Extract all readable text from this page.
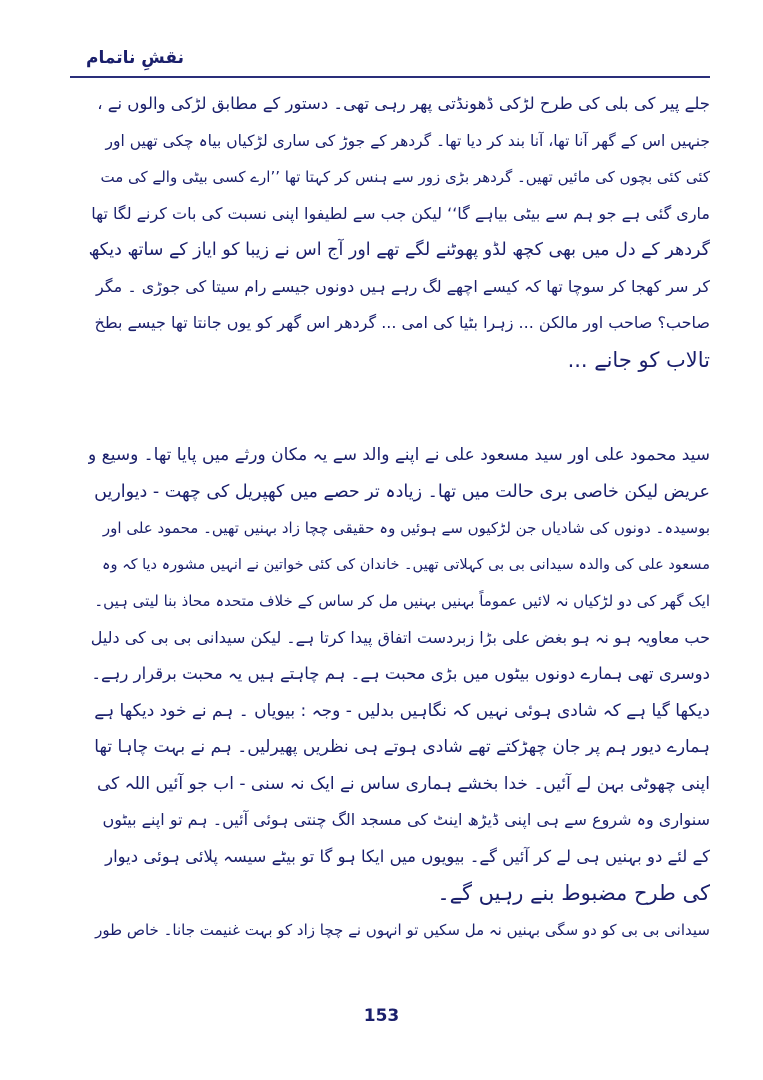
نقشِ ناتمام
جلے پیر کی بلی کی طرح لڑکی ڈھونڈتی پھر رہی تھی۔ دستور کے مطابق لڑکی والوں نے ،
جنہیں اس کے گھر آنا تھا، آنا بند کر دیا تھا۔ گردھر کے جوڑ کی ساری لڑکیاں بیاہ چکی تھیں اور
کئی کئی بچوں کی مائیں تھیں۔ گردھر بڑی زور سے ہنس کر کہتا تھا ’’ارے کسی بیٹی والے کی مت
ماری گئی ہے جو ہم سے بیٹی بیاہے گا‘‘ لیکن جب سے لطیفوا اپنی نسبت کی بات کرنے لگا تھا
گردھر کے دل میں بھی کچھ لڈو پھوٹنے لگے تھے اور آج اس نے زیبا کو ایاز کے ساتھ دیکھ
کر سر کھجا کر سوچا تھا کہ کیسے اچھے لگ رہے ہیں دونوں جیسے رام سیتا کی جوڑی ۔ مگر
صاحب؟ صاحب اور مالکن ... زہرا بٹیا کی امی ... گردھر اس گھر کو یوں جانتا تھا جیسے بطخ
تالاب کو جانے ...
سید محمود علی اور سید مسعود علی نے اپنے والد سے یہ مکان ورثے میں پایا تھا۔ وسیع و
عریض لیکن خاصی بری حالت میں تھا۔ زیادہ تر حصے میں کھپریل کی چھت - دیواریں
بوسیدہ۔ دونوں کی شادیاں جن لڑکیوں سے ہوئیں وہ حقیقی چچا زاد بہنیں تھیں۔ محمود علی اور
مسعود علی کی والدہ سیدانی بی بی کہلاتی تھیں۔ خاندان کی کئی خواتین نے انہیں مشورہ دیا کہ وہ
ایک گھر کی دو لڑکیاں نہ لائیں عموماً بہنیں بہنیں مل کر ساس کے خلاف متحدہ محاذ بنا لیتی ہیں۔
حب معاویہ ہو نہ ہو بغض علی بڑا زبردست اتفاق پیدا کرتا ہے۔ لیکن سیدانی بی بی کی دلیل
دوسری تھی ہمارے دونوں بیٹوں میں بڑی محبت ہے۔ ہم چاہتے ہیں یہ محبت برقرار رہے۔
دیکھا گیا ہے کہ شادی ہوئی نہیں کہ نگاہیں بدلیں - وجہ : بیویاں ۔ ہم نے خود دیکھا ہے
ہمارے دیور ہم پر جان چھڑکتے تھے شادی ہوتے ہی نظریں پھیرلیں۔ ہم نے بہت چاہا تھا
اپنی چھوٹی بہن لے آئیں۔ خدا بخشے ہماری ساس نے ایک نہ سنی - اب جو آئیں اللہ کی
سنواری وہ شروع سے ہی اپنی ڈیڑھ اینٹ کی مسجد الگ چنتی ہوئی آئیں۔ ہم تو اپنے بیٹوں
کے لئے دو بہنیں ہی لے کر آئیں گے۔ بیویوں میں ایکا ہو گا تو بیٹے سیسہ پلائی ہوئی دیوار
کی طرح مضبوط بنے رہیں گے۔
سیدانی بی بی کو دو سگی بہنیں نہ مل سکیں تو انہوں نے چچا زاد کو بہت غنیمت جانا۔ خاص طور
153
